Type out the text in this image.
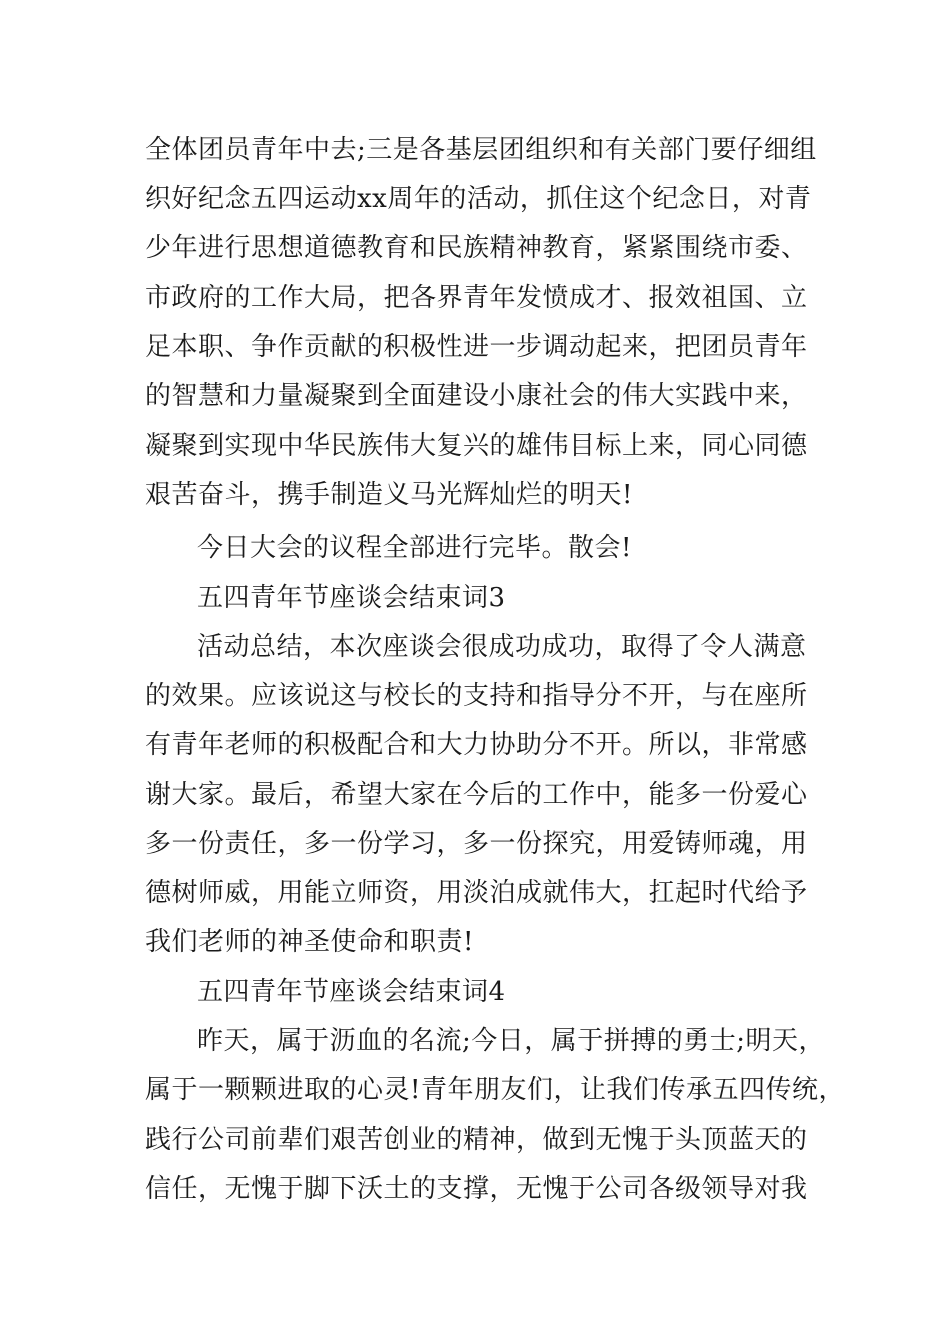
全体团员青年中去;三是各基层团组织和有关部门要仔细组
织好纪念五四运动xx周年的活动，抓住这个纪念日，对青
少年进行思想道德教育和民族精神教育，紧紧围绕市委、
市政府的工作大局，把各界青年发愤成才、报效祖国、立
足本职、争作贡献的积极性进一步调动起来，把团员青年
的智慧和力量凝聚到全面建设小康社会的伟大实践中来，
凝聚到实现中华民族伟大复兴的雄伟目标上来，同心同德
艰苦奋斗，携手制造义马光辉灿烂的明天!
今日大会的议程全部进行完毕。散会!
五四青年节座谈会结束词3
活动总结，本次座谈会很成功成功，取得了令人满意
的效果。应该说这与校长的支持和指导分不开，与在座所
有青年老师的积极配合和大力协助分不开。所以，非常感
谢大家。最后，希望大家在今后的工作中，能多一份爱心
多一份责任，多一份学习，多一份探究，用爱铸师魂，用
德树师威，用能立师资，用淡泊成就伟大，扛起时代给予
我们老师的神圣使命和职责!
五四青年节座谈会结束词4
昨天，属于沥血的名流;今日，属于拼搏的勇士;明天，
属于一颗颗进取的心灵!青年朋友们，让我们传承五四传统，
践行公司前辈们艰苦创业的精神，做到无愧于头顶蓝天的
信任，无愧于脚下沃土的支撑，无愧于公司各级领导对我
